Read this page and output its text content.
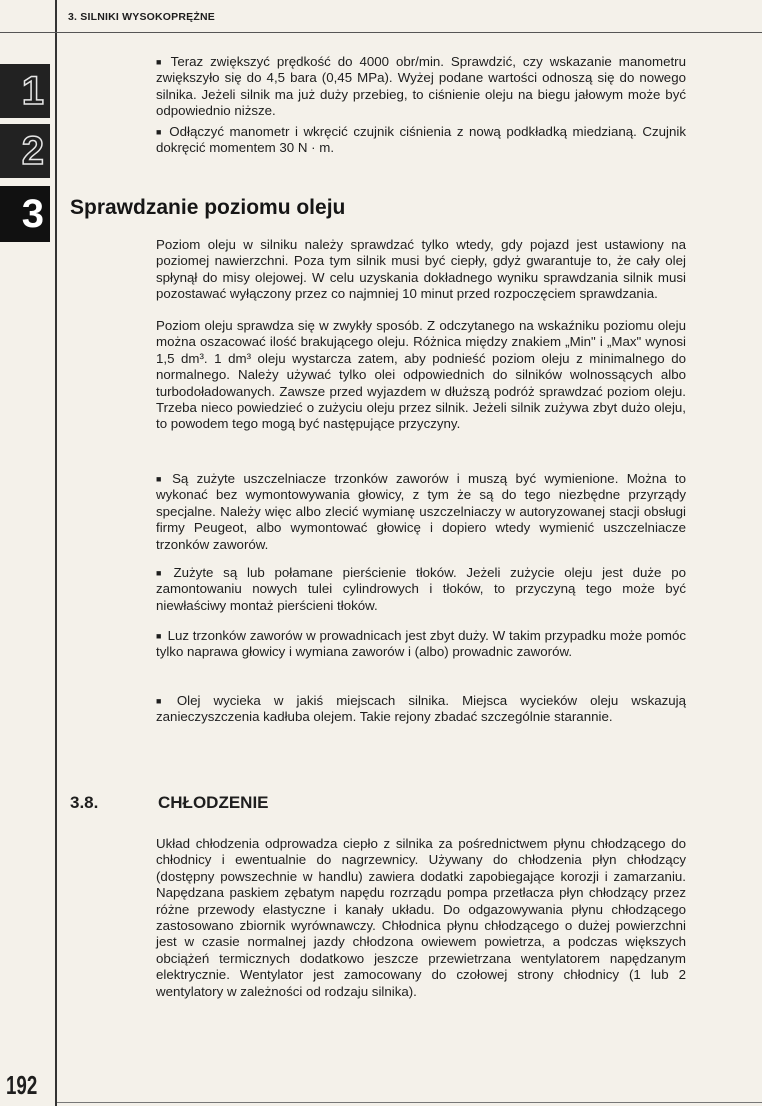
3. SILNIKI WYSOKOPRĘŻNE
1
2
3

■ Teraz zwiększyć prędkość do 4000 obr/min. Sprawdzić, czy wskazanie manometru zwiększyło się do 4,5 bara (0,45 MPa). Wyżej podane wartości odnoszą się do nowego silnika. Jeżeli silnik ma już duży przebieg, to ciśnienie oleju na biegu jałowym może być odpowiednio niższe.

■ Odłączyć manometr i wkręcić czujnik ciśnienia z nową podkładką miedzianą. Czujnik dokręcić momentem 30 N · m.

Sprawdzanie poziomu oleju

Poziom oleju w silniku należy sprawdzać tylko wtedy, gdy pojazd jest ustawiony na poziomej nawierzchni. Poza tym silnik musi być ciepły, gdyż gwarantuje to, że cały olej spłynął do misy olejowej. W celu uzyskania dokładnego wyniku sprawdzania silnik musi pozostawać wyłączony przez co najmniej 10 minut przed rozpoczęciem sprawdzania.

Poziom oleju sprawdza się w zwykły sposób. Z odczytanego na wskaźniku poziomu oleju można oszacować ilość brakującego oleju. Różnica między znakiem „Min" i „Max" wynosi 1,5 dm³. 1 dm³ oleju wystarcza zatem, aby podnieść poziom oleju z minimalnego do normalnego. Należy używać tylko olei odpowiednich do silników wolnossących albo turbodoładowanych. Zawsze przed wyjazdem w dłuższą podróż sprawdzać poziom oleju. Trzeba nieco powiedzieć o zużyciu oleju przez silnik. Jeżeli silnik zużywa zbyt dużo oleju, to powodem tego mogą być następujące przyczyny.

■ Są zużyte uszczelniacze trzonków zaworów i muszą być wymienione. Można to wykonać bez wymontowywania głowicy, z tym że są do tego niezbędne przyrządy specjalne. Należy więc albo zlecić wymianę uszczelniaczy w autoryzowanej stacji obsługi firmy Peugeot, albo wymontować głowicę i dopiero wtedy wymienić uszczelniacze trzonków zaworów.

■ Zużyte są lub połamane pierścienie tłoków. Jeżeli zużycie oleju jest duże po zamontowaniu nowych tulei cylindrowych i tłoków, to przyczyną tego może być niewłaściwy montaż pierścieni tłoków.

■ Luz trzonków zaworów w prowadnicach jest zbyt duży. W takim przypadku może pomóc tylko naprawa głowicy i wymiana zaworów i (albo) prowadnic zaworów.

■ Olej wycieka w jakiś miejscach silnika. Miejsca wycieków oleju wskazują zanieczyszczenia kadłuba olejem. Takie rejony zbadać szczególnie starannie.

3.8.	CHŁODZENIE

Układ chłodzenia odprowadza ciepło z silnika za pośrednictwem płynu chłodzącego do chłodnicy i ewentualnie do nagrzewnicy. Używany do chłodzenia płyn chłodzący (dostępny powszechnie w handlu) zawiera dodatki zapobiegające korozji i zamarzaniu. Napędzana paskiem zębatym napędu rozrządu pompa przetłacza płyn chłodzący przez różne przewody elastyczne i kanały układu. Do odgazowywania płynu chłodzącego zastosowano zbiornik wyrównawczy. Chłodnica płynu chłodzącego o dużej powierzchni jest w czasie normalnej jazdy chłodzona owiewem powietrza, a podczas większych obciążeń termicznych dodatkowo jeszcze przewietrzana wentylatorem napędzanym elektrycznie. Wentylator jest zamocowany do czołowej strony chłodnicy (1 lub 2 wentylatory w zależności od rodzaju silnika).

192
